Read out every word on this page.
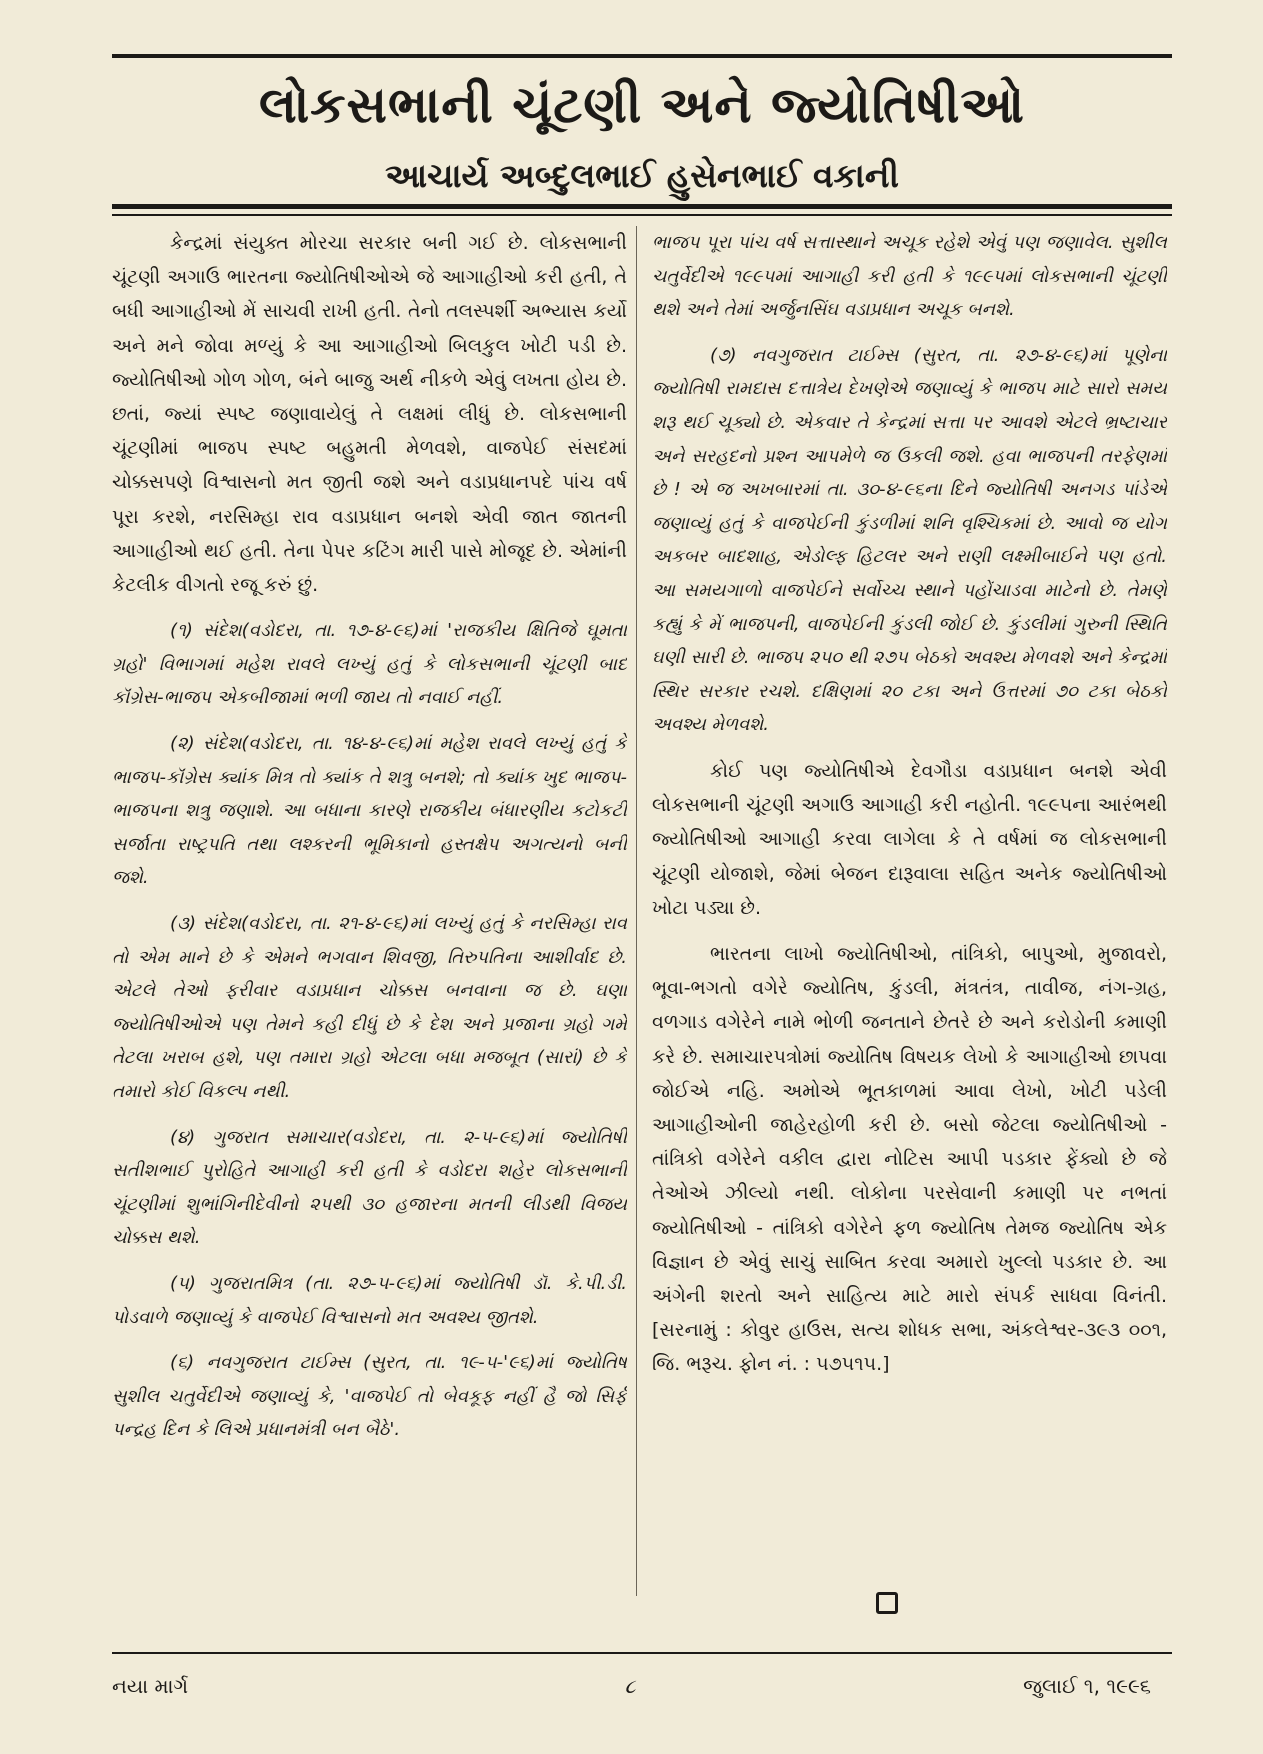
લોકસભાની ચૂંટણી અને જ્યોતિષીઓ
આચાર્ય અબ્દુલભાઈ હુસેનભાઈ વકાની

કેન્દ્રમાં સંયુક્ત મોરચા સરકાર બની ગઈ છે. લોકસભાની ચૂંટણી અગાઉ ભારતના જ્યોતિષીઓએ જે આગાહીઓ કરી હતી, તે બધી આગાહીઓ મેં સાચવી રાખી હતી. તેનો તલસ્પર્શી અભ્યાસ કર્યો અને મને જોવા મળ્યું કે આ આગાહીઓ બિલકુલ ખોટી પડી છે. જ્યોતિષીઓ ગોળ ગોળ, બંને બાજુ અર્થ નીકળે એવું લખતા હોય છે. છતાં, જ્યાં સ્પષ્ટ જણાવાયેલું તે લક્ષમાં લીધું છે. લોકસભાની ચૂંટણીમાં ભાજપ સ્પષ્ટ બહુમતી મેળવશે, વાજપેઈ સંસદમાં ચોક્કસપણે વિશ્વાસનો મત જીતી જશે અને વડાપ્રધાનપદે પાંચ વર્ષ પૂરા કરશે, નરસિમ્હા રાવ વડાપ્રધાન બનશે એવી જાત જાતની આગાહીઓ થઈ હતી. તેના પેપર કટિંગ મારી પાસે મોજૂદ છે. એમાંની કેટલીક વીગતો રજૂ કરું છું.

(૧) સંદેશ(વડોદરા, તા. ૧૭-૪-૯૬)માં 'રાજકીય ક્ષિતિજે ઘૂમતા ગ્રહો' વિભાગમાં મહેશ રાવલે લખ્યું હતું કે લોકસભાની ચૂંટણી બાદ કૉંગ્રેસ-ભાજપ એકબીજામાં ભળી જાય તો નવાઈ નહીં.

(૨) સંદેશ(વડોદરા, તા. ૧૪-૪-૯૬)માં મહેશ રાવલે લખ્યું હતું કે ભાજપ-કૉંગ્રેસ ક્યાંક મિત્ર તો ક્યાંક તે શત્રુ બનશે; તો ક્યાંક ખુદ ભાજપ-ભાજપના શત્રુ જણાશે. આ બધાના કારણે રાજકીય બંધારણીય કટોકટી સર્જાતા રાષ્ટ્રપતિ તથા લશ્કરની ભૂમિકાનો હસ્તક્ષેપ અગત્યનો બની જશે.

(૩) સંદેશ(વડોદરા, તા. ૨૧-૪-૯૬)માં લખ્યું હતું કે નરસિમ્હા રાવ તો એમ માને છે કે એમને ભગવાન શિવજી, તિરુપતિના આશીર્વાદ છે. એટલે તેઓ ફરીવાર વડાપ્રધાન ચોક્કસ બનવાના જ છે. ઘણા જ્યોતિષીઓએ પણ તેમને કહી દીધું છે કે દેશ અને પ્રજાના ગ્રહો ગમે તેટલા ખરાબ હશે, પણ તમારા ગ્રહો એટલા બધા મજબૂત (સારાં) છે કે તમારો કોઈ વિકલ્પ નથી.

(૪) ગુજરાત સમાચાર(વડોદરા, તા. ૨-૫-૯૬)માં જ્યોતિષી સતીશભાઈ પુરોહિતે આગાહી કરી હતી કે વડોદરા શહેર લોકસભાની ચૂંટણીમાં શુભાંગિનીદેવીનો ૨૫થી ૩૦ હજારના મતની લીડથી વિજય ચોક્કસ થશે.

(૫) ગુજરાતમિત્ર (તા. ૨૭-૫-૯૬)માં જ્યોતિષી ડૉ. કે.પી.ડી. પોડવાળે જણાવ્યું કે વાજપેઈ વિશ્વાસનો મત અવશ્ય જીતશે.

(૬) નવગુજરાત ટાઈમ્સ (સુરત, તા. ૧૯-૫-'૯૬)માં જ્યોતિષ સુશીલ ચતુર્વેદીએ જણાવ્યું કે, 'વાજપેઈ તો બેવકૂફ નહીં હૈ જો સિર્ફ પન્દ્રહ દિન કે લિએ પ્રધાનમંત્રી બન બૈઠે'.

ભાજપ પૂરા પાંચ વર્ષ સત્તાસ્થાને અચૂક રહેશે એવું પણ જણાવેલ. સુશીલ ચતુર્વેદીએ ૧૯૯૫માં આગાહી કરી હતી કે ૧૯૯૫માં લોકસભાની ચૂંટણી થશે અને તેમાં અર્જુનસિંઘ વડાપ્રધાન અચૂક બનશે.

(૭) નવગુજરાત ટાઈમ્સ (સુરત, તા. ૨૭-૪-૯૬)માં પૂણેના જ્યોતિષી રામદાસ દત્તાત્રેય દેખણેએ જણાવ્યું કે ભાજપ માટે સારો સમય શરૂ થઈ ચૂક્યો છે. એકવાર તે કેન્દ્રમાં સત્તા પર આવશે એટલે ભ્રષ્ટાચાર અને સરહદનો પ્રશ્ન આપમેળે જ ઉકલી જશે. હવા ભાજપની તરફેણમાં છે ! એ જ અખબારમાં તા. ૩૦-૪-૯૬ના દિને જ્યોતિષી અનગડ પાંડેએ જણાવ્યું હતું કે વાજપેઈની કુંડળીમાં શનિ વૃશ્ચિકમાં છે. આવો જ યોગ અકબર બાદશાહ, એડોલ્ફ હિટલર અને રાણી લક્ષ્મીબાઈને પણ હતો. આ સમયગાળો વાજપેઈને સર્વોચ્ચ સ્થાને પહોંચાડવા માટેનો છે. તેમણે કહ્યું કે મેં ભાજપની, વાજપેઈની કુંડલી જોઈ છે. કુંડલીમાં ગુરુની સ્થિતિ ઘણી સારી છે. ભાજપ ૨૫૦ થી ૨૭૫ બેઠકો અવશ્ય મેળવશે અને કેન્દ્રમાં સ્થિર સરકાર રચશે. દક્ષિણમાં ૨૦ ટકા અને ઉત્તરમાં ૭૦ ટકા બેઠકો અવશ્ય મેળવશે.

કોઈ પણ જ્યોતિષીએ દેવગૌડા વડાપ્રધાન બનશે એવી લોકસભાની ચૂંટણી અગાઉ આગાહી કરી નહોતી. ૧૯૯૫ના આરંભથી જ્યોતિષીઓ આગાહી કરવા લાગેલા કે તે વર્ષમાં જ લોકસભાની ચૂંટણી યોજાશે, જેમાં બેજન દારૂવાલા સહિત અનેક જ્યોતિષીઓ ખોટા પડ્યા છે.

ભારતના લાખો જ્યોતિષીઓ, તાંત્રિકો, બાપુઓ, મુજાવરો, ભૂવા-ભગતો વગેરે જ્યોતિષ, કુંડલી, મંત્રતંત્ર, તાવીજ, નંગ-ગ્રહ, વળગાડ વગેરેને નામે ભોળી જનતાને છેતરે છે અને કરોડોની કમાણી કરે છે. સમાચારપત્રોમાં જ્યોતિષ વિષયક લેખો કે આગાહીઓ છાપવા જોઈએ નહિ. અમોએ ભૂતકાળમાં આવા લેખો, ખોટી પડેલી આગાહીઓની જાહેરહોળી કરી છે. બસો જેટલા જ્યોતિષીઓ - તાંત્રિકો વગેરેને વકીલ દ્વારા નોટિસ આપી પડકાર ફેંક્યો છે જે તેઓએ ઝીલ્યો નથી. લોકોના પરસેવાની કમાણી પર નભતાં જ્યોતિષીઓ - તાંત્રિકો વગેરેને ફળ જ્યોતિષ તેમજ જ્યોતિષ એક વિજ્ઞાન છે એવું સાચું સાબિત કરવા અમારો ખુલ્લો પડકાર છે. આ અંગેની શરતો અને સાહિત્ય માટે મારો સંપર્ક સાધવા વિનંતી. [સરનામું : કોવુર હાઉસ, સત્ય શોધક સભા, અંકલેશ્વર-૩૯૩ ૦૦૧, જિ. ભરૂચ. ફોન નં. : ૫૭૫૧૫.]

નયા માર્ગ	૮	જુલાઈ ૧, ૧૯૯૬
